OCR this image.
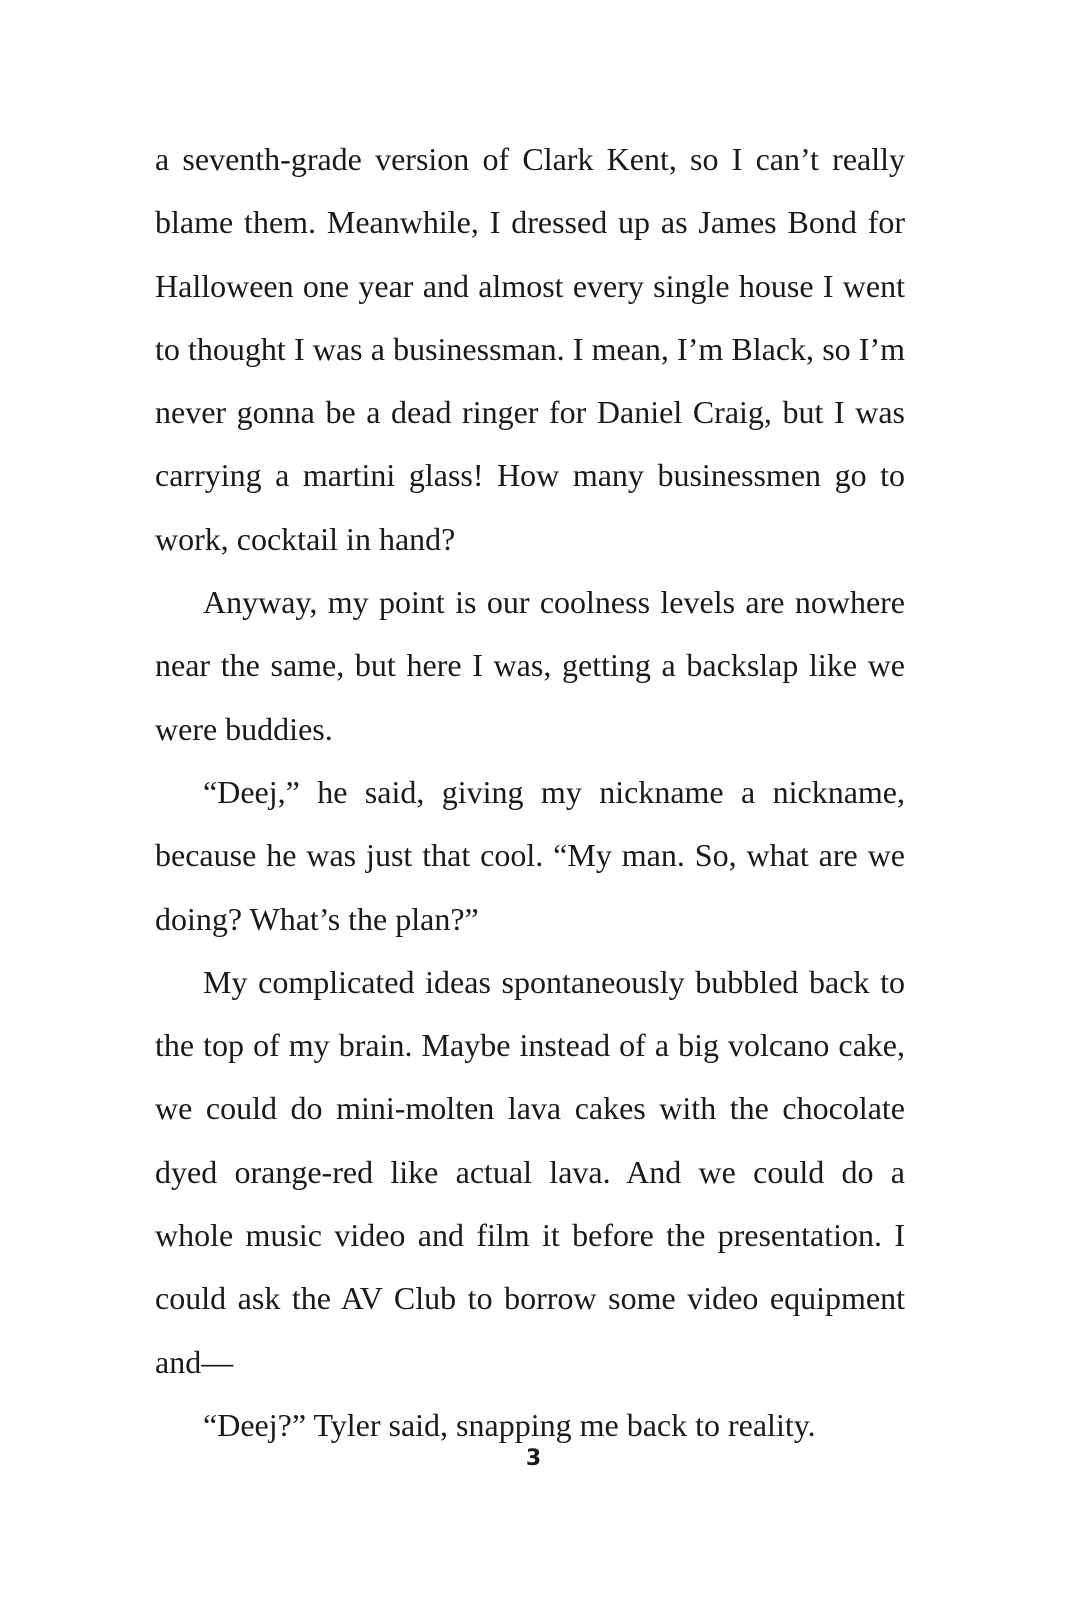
a seventh-grade version of Clark Kent, so I can’t really blame them. Meanwhile, I dressed up as James Bond for Halloween one year and almost every single house I went to thought I was a businessman. I mean, I’m Black, so I’m never gonna be a dead ringer for Daniel Craig, but I was carrying a martini glass! How many businessmen go to work, cocktail in hand?

Anyway, my point is our coolness levels are nowhere near the same, but here I was, getting a backslap like we were buddies.

“Deej,” he said, giving my nickname a nickname, because he was just that cool. “My man. So, what are we doing? What’s the plan?”

My complicated ideas spontaneously bubbled back to the top of my brain. Maybe instead of a big volcano cake, we could do mini-molten lava cakes with the chocolate dyed orange-red like actual lava. And we could do a whole music video and film it before the presentation. I could ask the AV Club to borrow some video equipment and—

“Deej?” Tyler said, snapping me back to reality.

3
